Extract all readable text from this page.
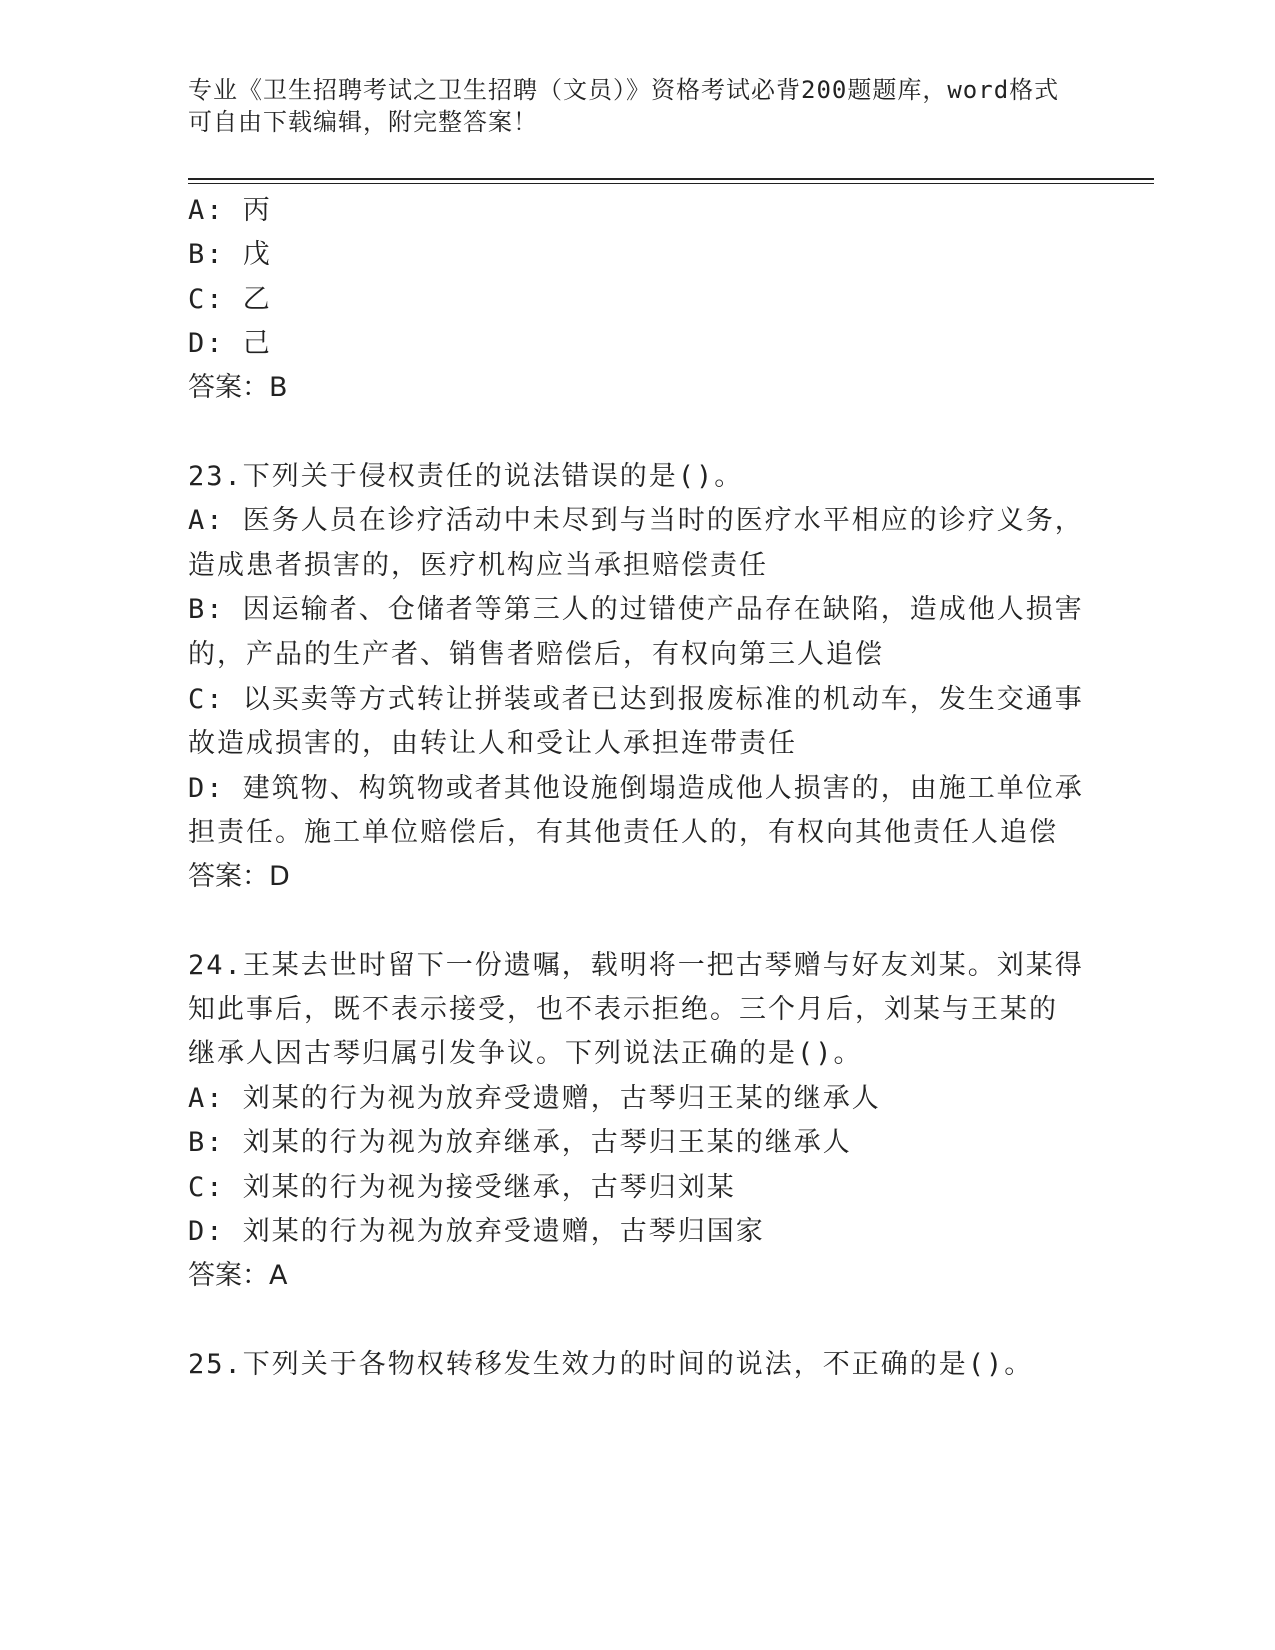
专业《卫生招聘考试之卫生招聘（文员）》资格考试必背200题题库，word格式
可自由下载编辑，附完整答案！
A: 丙
B: 戊
C: 乙
D: 己
答案：B
23.下列关于侵权责任的说法错误的是()。
A: 医务人员在诊疗活动中未尽到与当时的医疗水平相应的诊疗义务，
造成患者损害的，医疗机构应当承担赔偿责任
B: 因运输者、仓储者等第三人的过错使产品存在缺陷，造成他人损害
的，产品的生产者、销售者赔偿后，有权向第三人追偿
C: 以买卖等方式转让拼装或者已达到报废标准的机动车，发生交通事
故造成损害的，由转让人和受让人承担连带责任
D: 建筑物、构筑物或者其他设施倒塌造成他人损害的，由施工单位承
担责任。施工单位赔偿后，有其他责任人的，有权向其他责任人追偿
答案：D
24.王某去世时留下一份遗嘱，载明将一把古琴赠与好友刘某。刘某得
知此事后，既不表示接受，也不表示拒绝。三个月后，刘某与王某的
继承人因古琴归属引发争议。下列说法正确的是()。
A: 刘某的行为视为放弃受遗赠，古琴归王某的继承人
B: 刘某的行为视为放弃继承，古琴归王某的继承人
C: 刘某的行为视为接受继承，古琴归刘某
D: 刘某的行为视为放弃受遗赠，古琴归国家
答案：A
25.下列关于各物权转移发生效力的时间的说法，不正确的是()。
